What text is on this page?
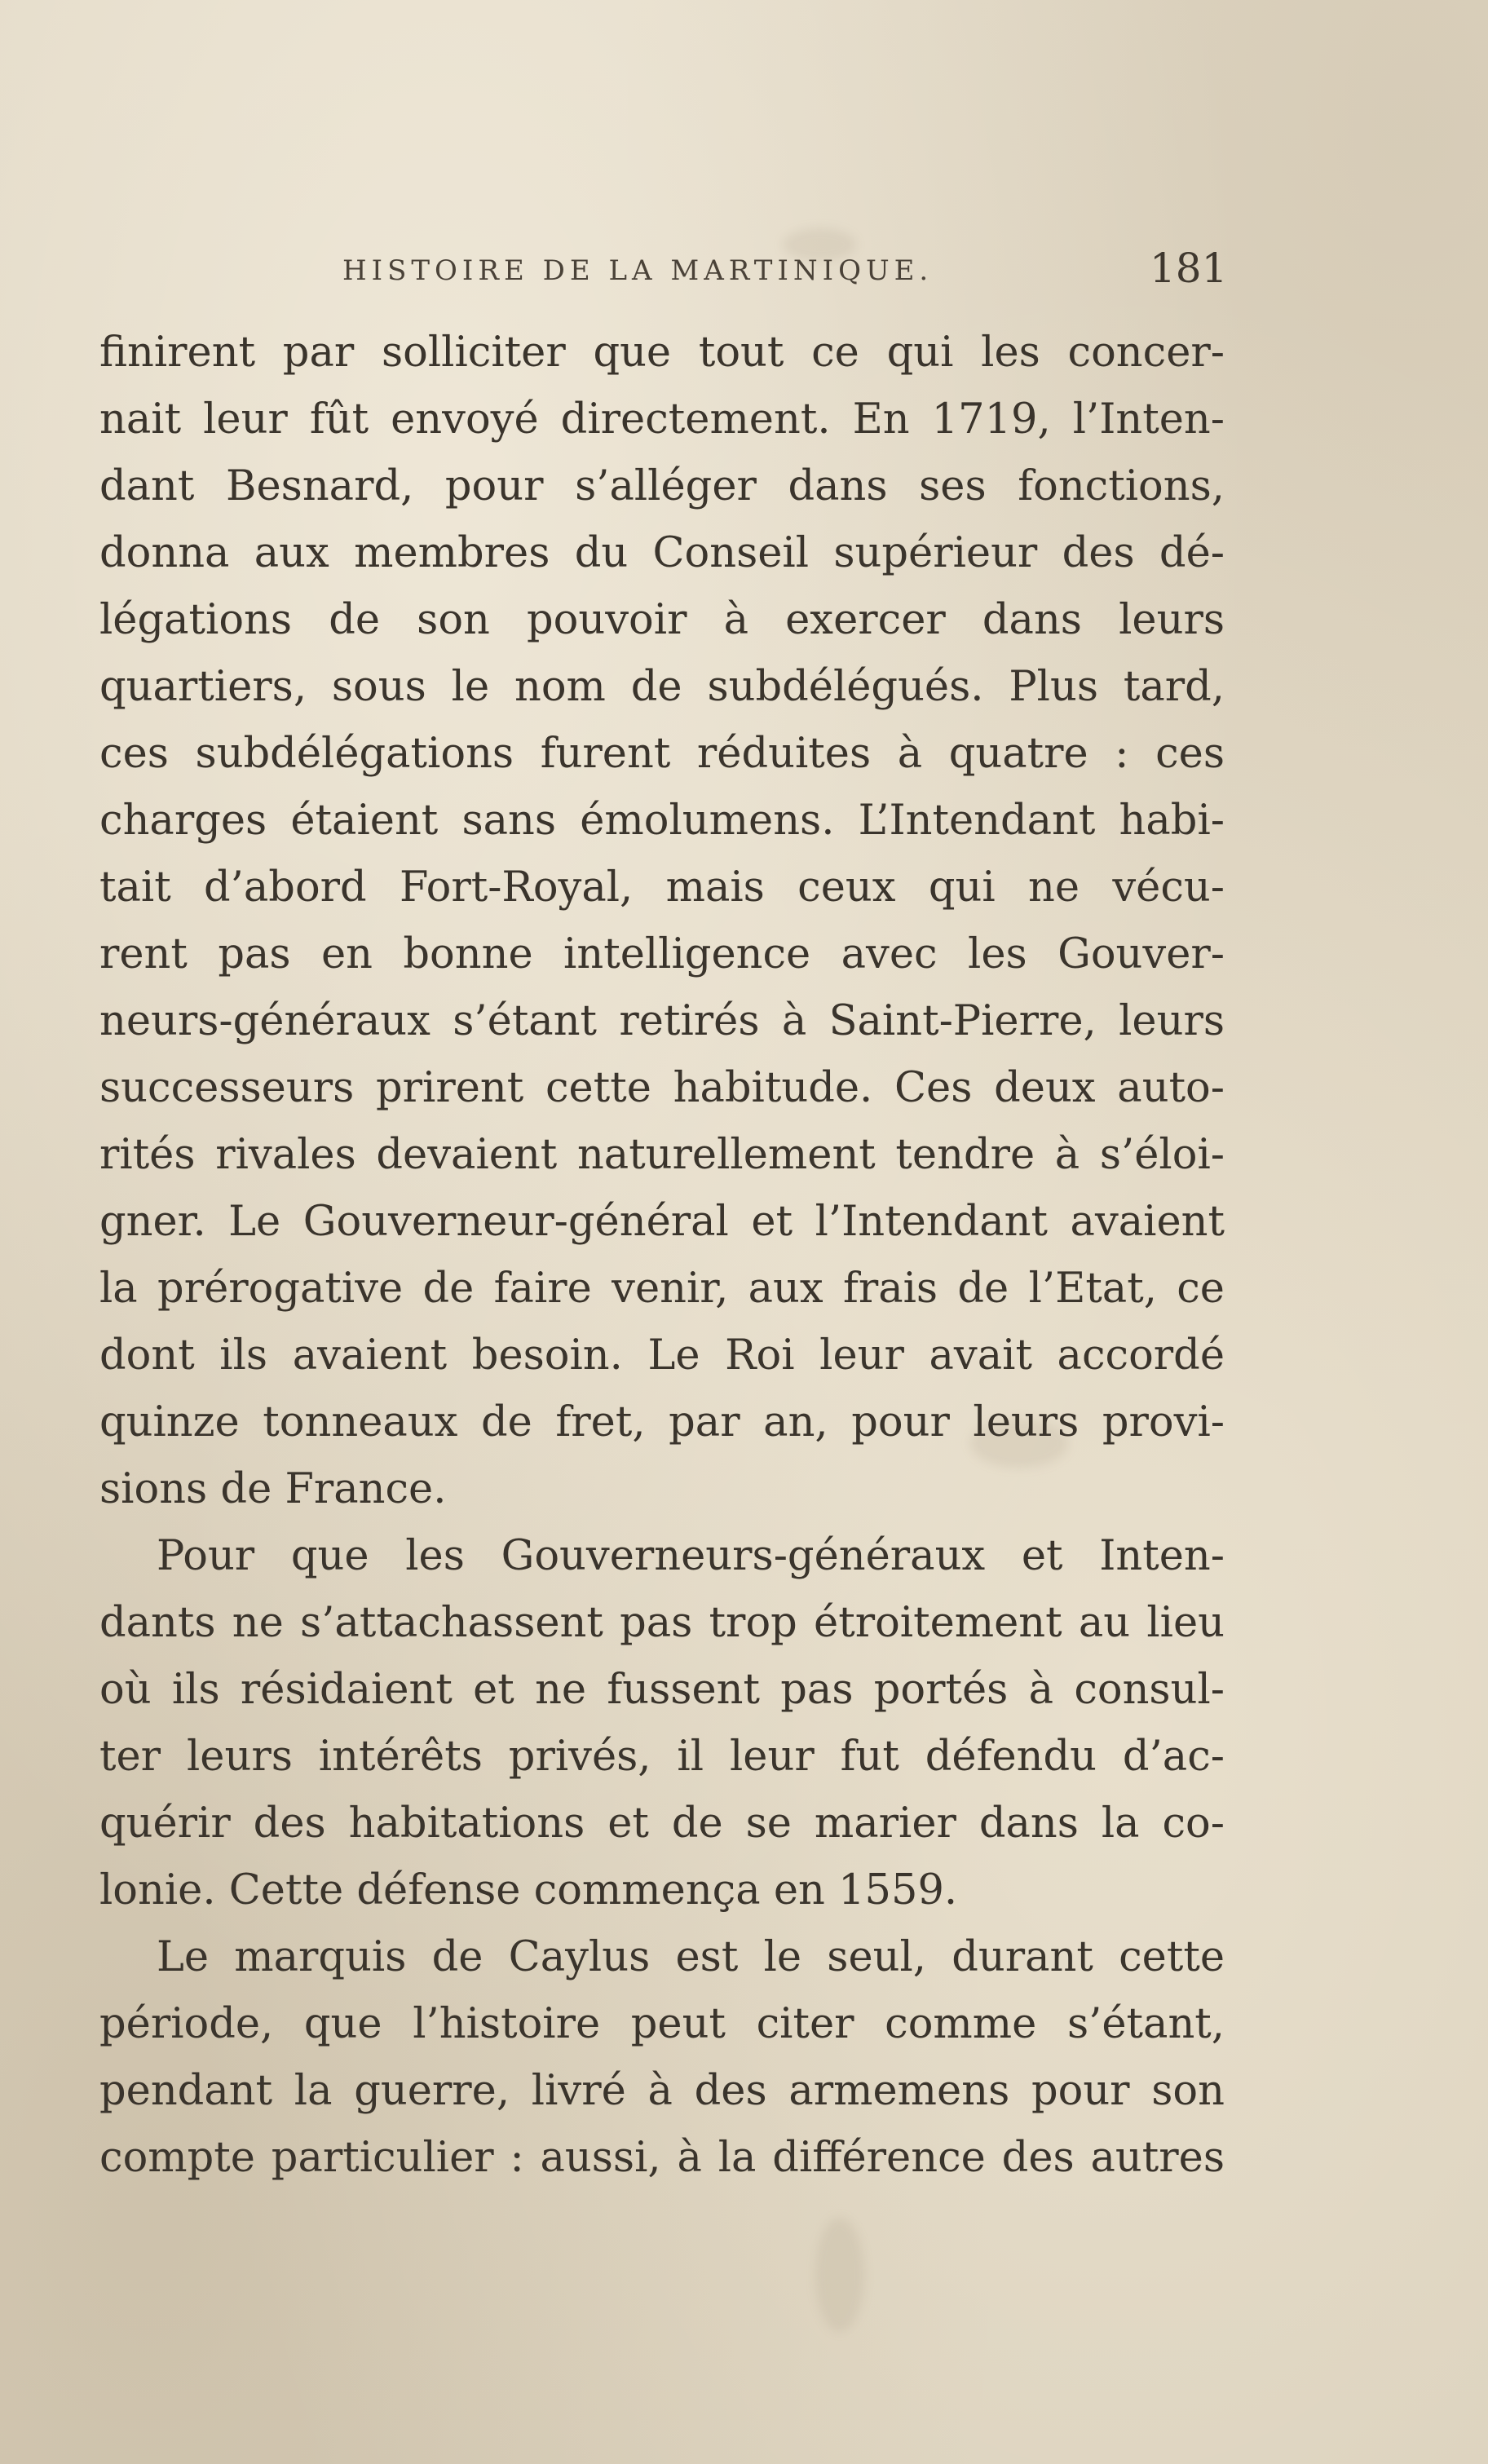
HISTOIRE DE LA MARTINIQUE.	181
finirent par solliciter que tout ce qui les concer-
nait leur fût envoyé directement. En 1719, l’Inten-
dant Besnard, pour s’alléger dans ses fonctions,
donna aux membres du Conseil supérieur des dé-
légations de son pouvoir à exercer dans leurs
quartiers, sous le nom de subdélégués. Plus tard,
ces subdélégations furent réduites à quatre : ces
charges étaient sans émolumens. L’Intendant habi-
tait d’abord Fort-Royal, mais ceux qui ne vécu-
rent pas en bonne intelligence avec les Gouver-
neurs-généraux s’étant retirés à Saint-Pierre, leurs
successeurs prirent cette habitude. Ces deux auto-
rités rivales devaient naturellement tendre à s’éloi-
gner. Le Gouverneur-général et l’Intendant avaient
la prérogative de faire venir, aux frais de l’Etat, ce
dont ils avaient besoin. Le Roi leur avait accordé
quinze tonneaux de fret, par an, pour leurs provi-
sions de France.
Pour que les Gouverneurs-généraux et Inten-
dants ne s’attachassent pas trop étroitement au lieu
où ils résidaient et ne fussent pas portés à consul-
ter leurs intérêts privés, il leur fut défendu d’ac-
quérir des habitations et de se marier dans la co-
lonie. Cette défense commença en 1559.
Le marquis de Caylus est le seul, durant cette
période, que l’histoire peut citer comme s’étant,
pendant la guerre, livré à des armemens pour son
compte particulier : aussi, à la différence des autres
